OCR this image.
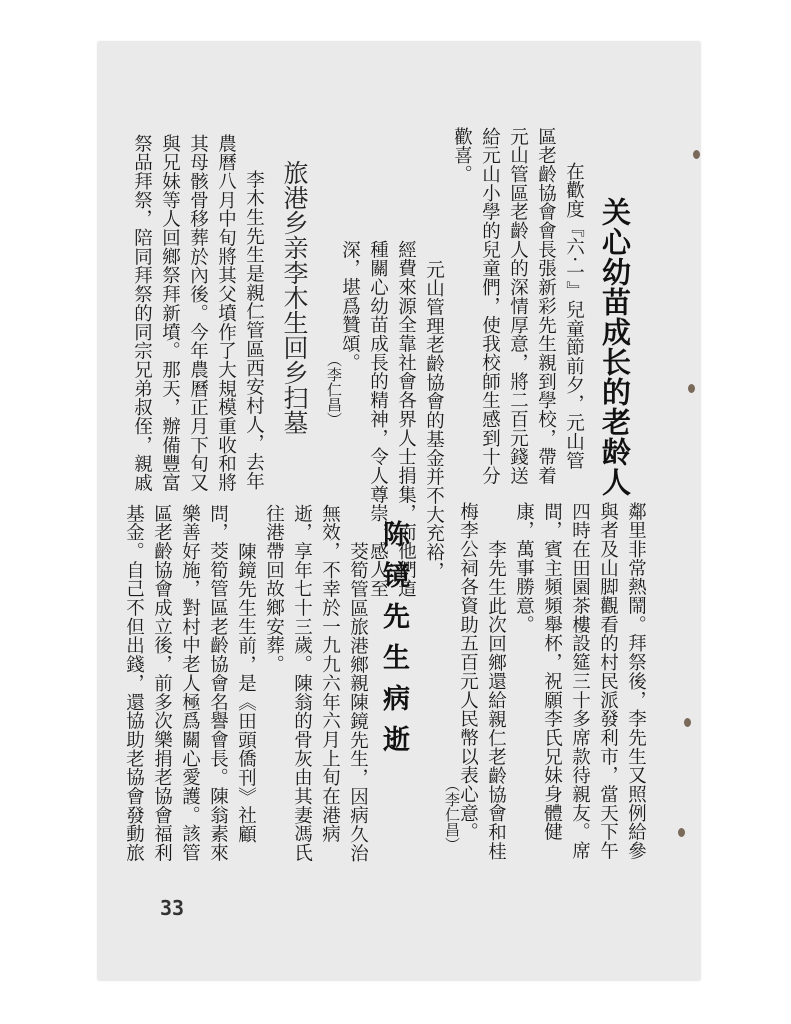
关心幼苗成长的老龄人
在歡度『六·一』兒童節前夕，元山管
區老齡協會會長張新彩先生親到學校，帶着
元山管區老齡人的深情厚意，將二百元錢送
給元山小學的兒童們，使我校師生感到十分
歡喜。
元山管理老齡協會的基金并不大充裕，
經費來源全靠社會各界人士捐集，而他們這
種關心幼苗成長的精神，令人尊崇，感人至
深，堪爲贊頌。
（李仁昌）
旅港乡亲李木生回乡扫墓
李木生先生是親仁管區西安村人，去年
農曆八月中旬將其父墳作了大規模重收和將
其母骸骨移葬於內後。今年農曆正月下旬又
與兄妹等人回鄉祭拜新墳。那天，辦備豐富
祭品拜祭，陪同拜祭的同宗兄弟叔侄，親戚
鄰里非常熱鬧。拜祭後，李先生又照例給參
與者及山脚觀看的村民派發利市，當天下午
四時在田園茶樓設筵三十多席款待親友。席
間，賓主頻頻舉杯，祝願李氏兄妹身體健
康，萬事勝意。
李先生此次回鄉還給親仁老齡協會和桂
梅李公祠各資助五百元人民幣以表心意。
（李仁昌）
陈镜先生病逝
茭筍管區旅港鄉親陳鏡先生，因病久治
無效，不幸於一九九六年六月上旬在港病
逝，享年七十三歲。陳翁的骨灰由其妻馮氏
往港帶回故鄉安葬。
陳鏡先生生前，是《田頭僑刊》社顧
問，茭筍管區老齡協會名譽會長。陳翁素來
樂善好施，對村中老人極爲關心愛護。該管
區老齡協會成立後，前多次樂捐老協會福利
基金。自己不但出錢，還協助老協會發動旅
33
